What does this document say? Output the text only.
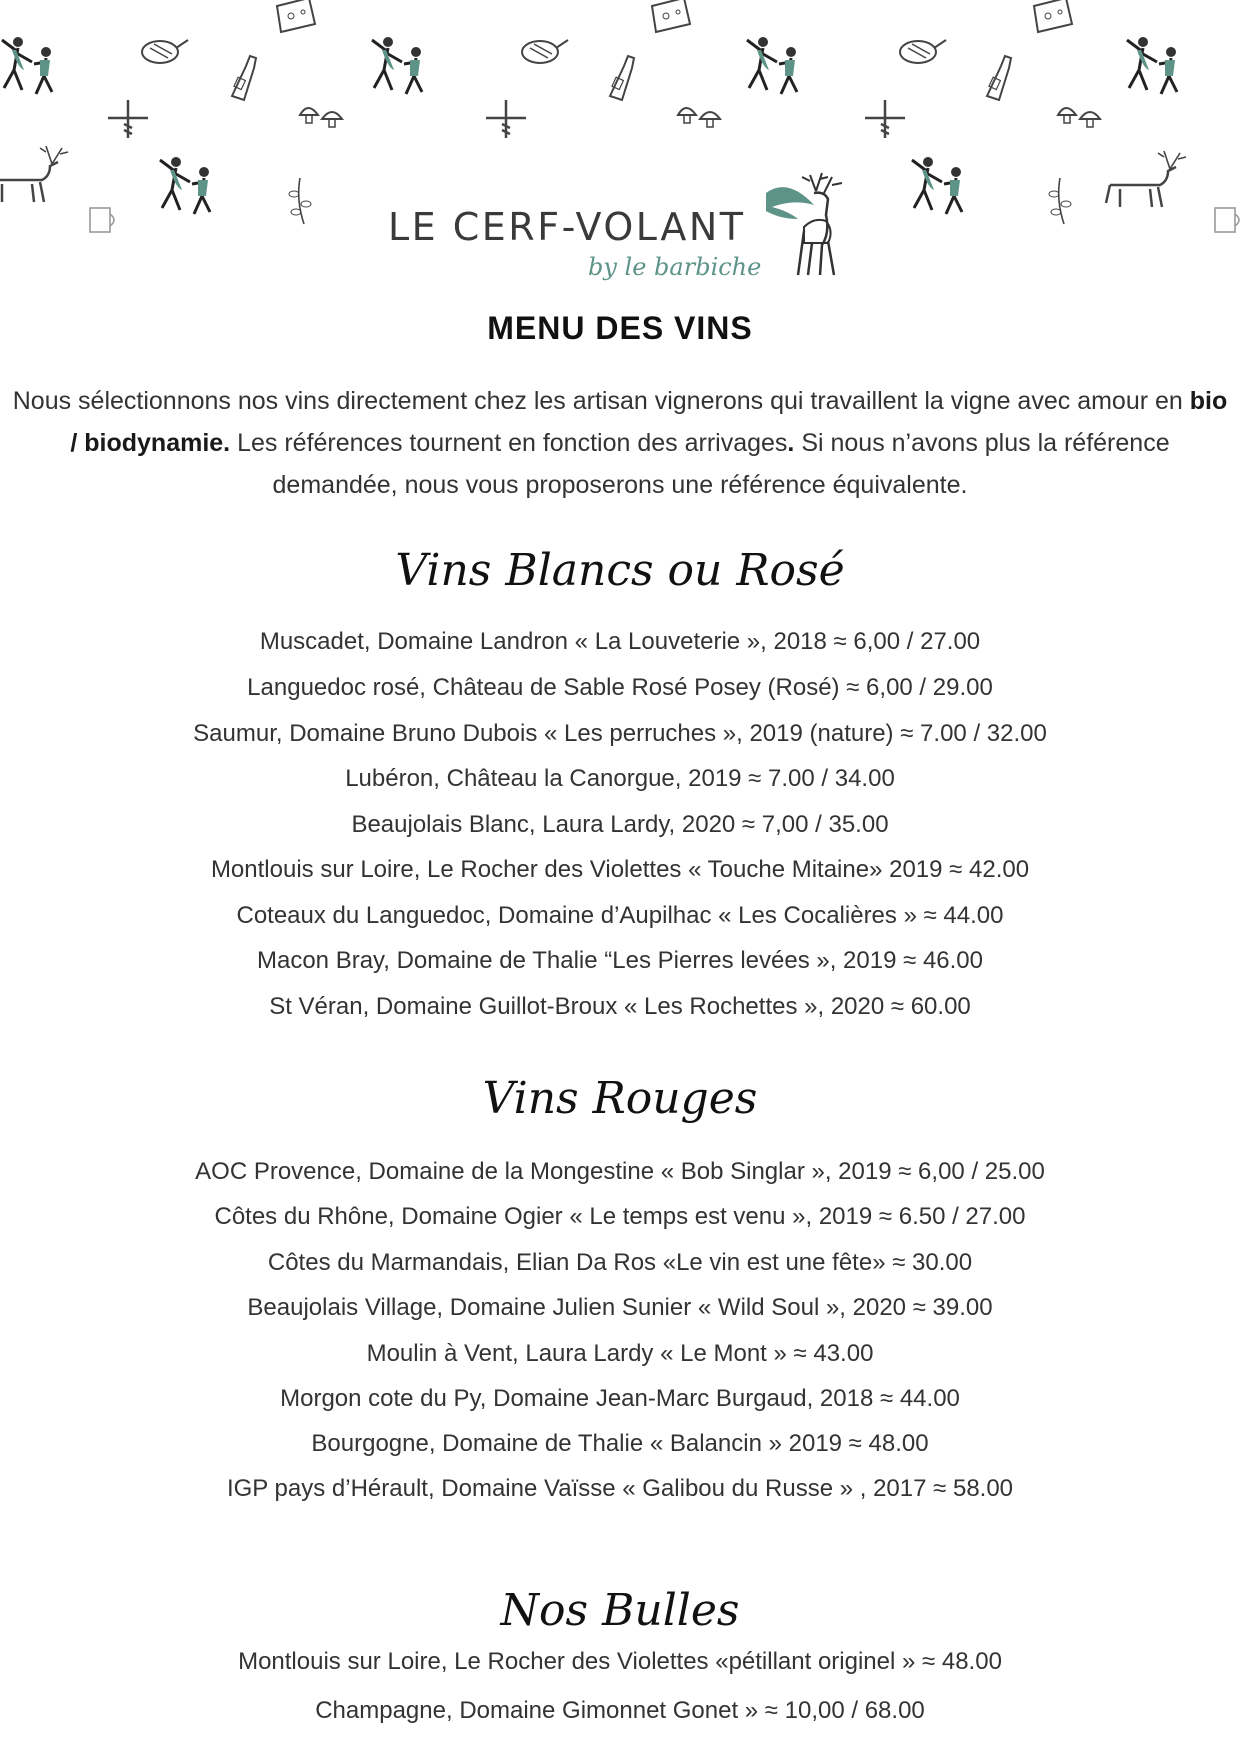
LE CERF-VOLANT
by le barbiche
MENU DES VINS

Nous sélectionnons nos vins directement chez les artisan vignerons qui travaillent la vigne avec amour en bio / biodynamie. Les références tournent en fonction des arrivages. Si nous n’avons plus la référence demandée, nous vous proposerons une référence équivalente.

Vins Blancs ou Rosé
Muscadet, Domaine Landron « La Louveterie », 2018 ≈ 6,00 / 27.00
Languedoc rosé, Château de Sable Rosé Posey (Rosé) ≈ 6,00 / 29.00
Saumur, Domaine Bruno Dubois « Les perruches », 2019 (nature) ≈ 7.00 / 32.00
Lubéron, Château la Canorgue, 2019 ≈ 7.00 / 34.00
Beaujolais Blanc, Laura Lardy, 2020 ≈ 7,00 / 35.00
Montlouis sur Loire, Le Rocher des Violettes « Touche Mitaine» 2019 ≈ 42.00
Coteaux du Languedoc, Domaine d’Aupilhac « Les Cocalières » ≈ 44.00
Macon Bray, Domaine de Thalie “Les Pierres levées », 2019 ≈ 46.00
St Véran, Domaine Guillot-Broux « Les Rochettes », 2020 ≈ 60.00
Vins Rouges
AOC Provence, Domaine de la Mongestine « Bob Singlar », 2019 ≈ 6,00 / 25.00
Côtes du Rhône, Domaine Ogier « Le temps est venu », 2019 ≈ 6.50 / 27.00
Côtes du Marmandais, Elian Da Ros «Le vin est une fête» ≈ 30.00
Beaujolais Village, Domaine Julien Sunier « Wild Soul », 2020 ≈ 39.00
Moulin à Vent, Laura Lardy « Le Mont » ≈ 43.00
Morgon cote du Py, Domaine Jean-Marc Burgaud, 2018 ≈ 44.00
Bourgogne, Domaine de Thalie « Balancin » 2019 ≈ 48.00
IGP pays d’Hérault, Domaine Vaïsse « Galibou du Russe » , 2017 ≈ 58.00
Nos Bulles
Montlouis sur Loire, Le Rocher des Violettes «pétillant originel » ≈ 48.00
Champagne, Domaine Gimonnet Gonet » ≈ 10,00 / 68.00
